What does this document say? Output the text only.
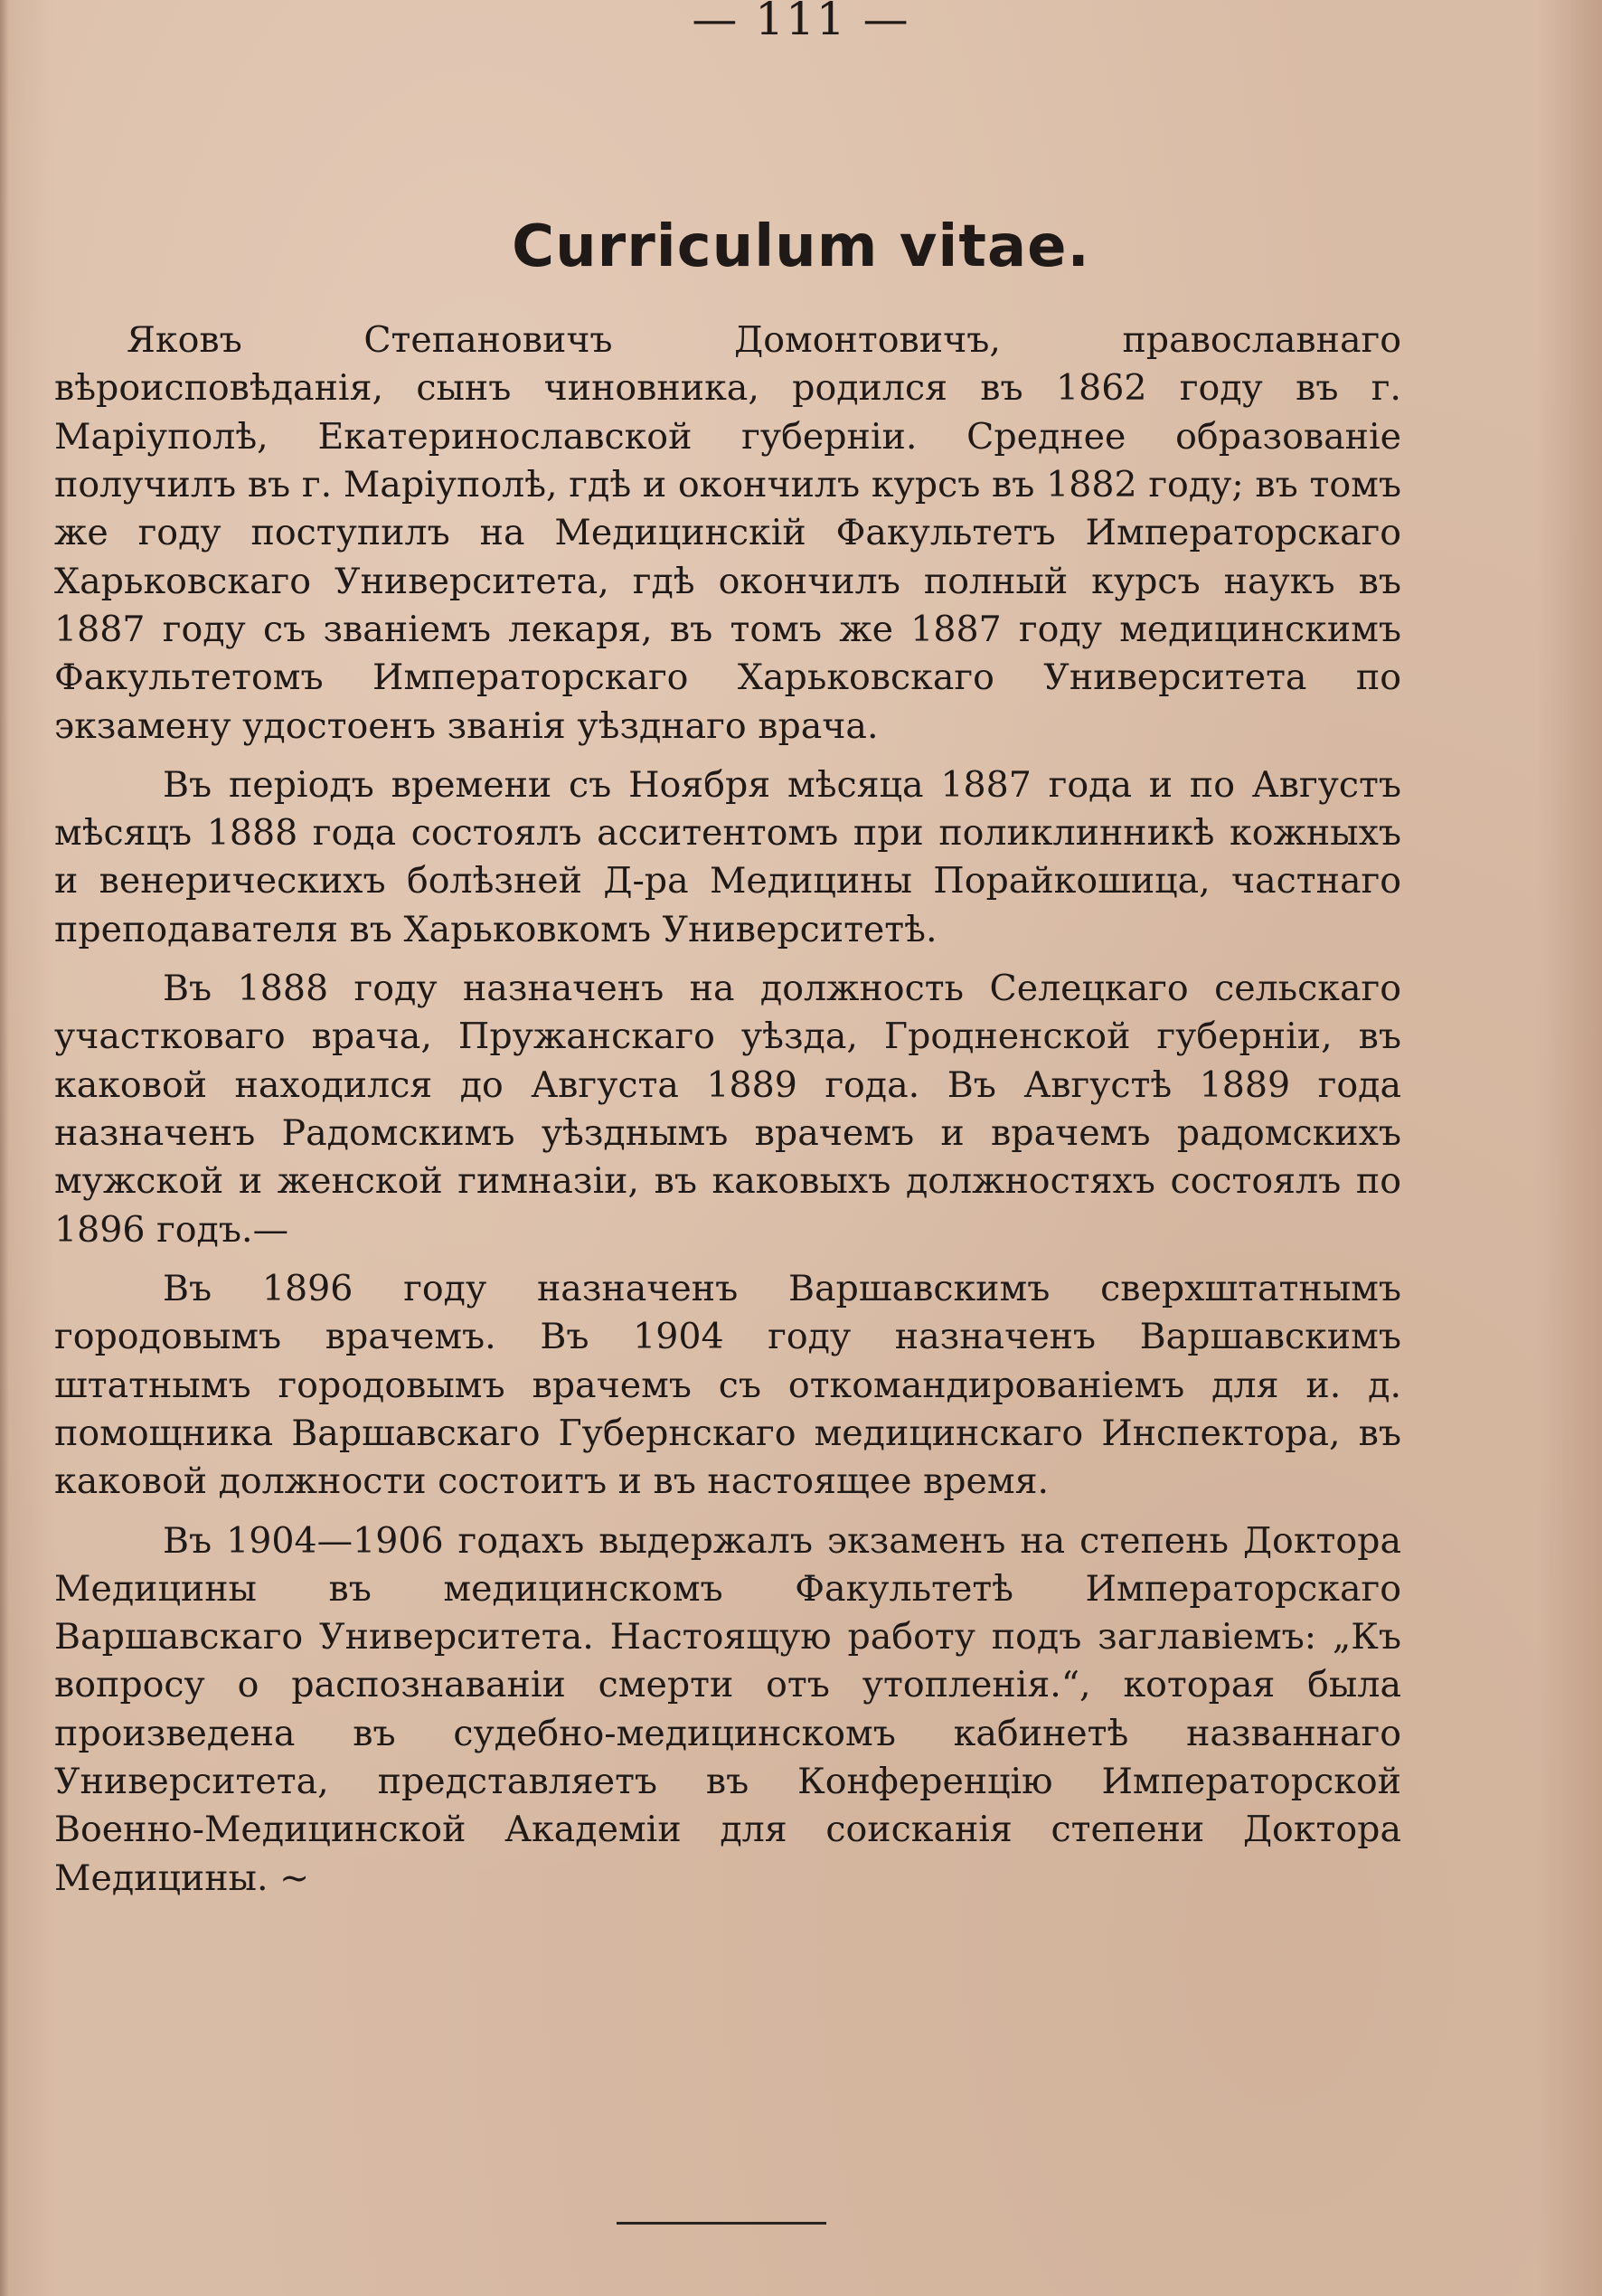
— 111 —
Curriculum vitae.

Яковъ Степановичъ Домонтовичъ, православнаго вѣроисповѣданія, сынъ чиновника, родился въ 1862 году въ г. Маріуполѣ, Екатеринославской губерніи. Среднее образованіе получилъ въ г. Маріуполѣ, гдѣ и окончилъ курсъ въ 1882 году; въ томъ же году поступилъ на Медицинскій Факультетъ Императорскаго Харьковскаго Университета, гдѣ окончилъ полный курсъ наукъ въ 1887 году съ званіемъ лекаря, въ томъ же 1887 году медицинскимъ Факультетомъ Императорскаго Харьковскаго Университета по экзамену удостоенъ званія уѣзднаго врача.

Въ періодъ времени съ Ноября мѣсяца 1887 года и по Августъ мѣсяцъ 1888 года состоялъ асситентомъ при поликлинникѣ кожныхъ и венерическихъ болѣзней Д-ра Медицины Порайкошица, частнаго преподавателя въ Харьковкомъ Университетѣ.

Въ 1888 году назначенъ на должность Селецкаго сельскаго участковаго врача, Пружанскаго уѣзда, Гродненской губерніи, въ каковой находился до Августа 1889 года. Въ Августѣ 1889 года назначенъ Радомскимъ уѣзднымъ врачемъ и врачемъ радомскихъ мужской и женской гимназіи, въ каковыхъ должностяхъ состоялъ по 1896 годъ.—

Въ 1896 году назначенъ Варшавскимъ сверхштатнымъ городовымъ врачемъ. Въ 1904 году назначенъ Варшавскимъ штатнымъ городовымъ врачемъ съ откомандированіемъ для и. д. помощника Варшавскаго Губернскаго медицинскаго Инспектора, въ каковой должности состоитъ и въ настоящее время.

Въ 1904—1906 годахъ выдержалъ экзаменъ на степень Доктора Медицины въ медицинскомъ Факультетѣ Императорскаго Варшавскаго Университета. Настоящую работу подъ заглавіемъ: „Къ вопросу о распознаваніи смерти отъ утопленія.“, которая была произведена въ судебно-медицинскомъ кабинетѣ названнаго Университета, представляетъ въ Конференцію Императорской Военно-Медицинской Академіи для соисканія степени Доктора Медицины. ~
